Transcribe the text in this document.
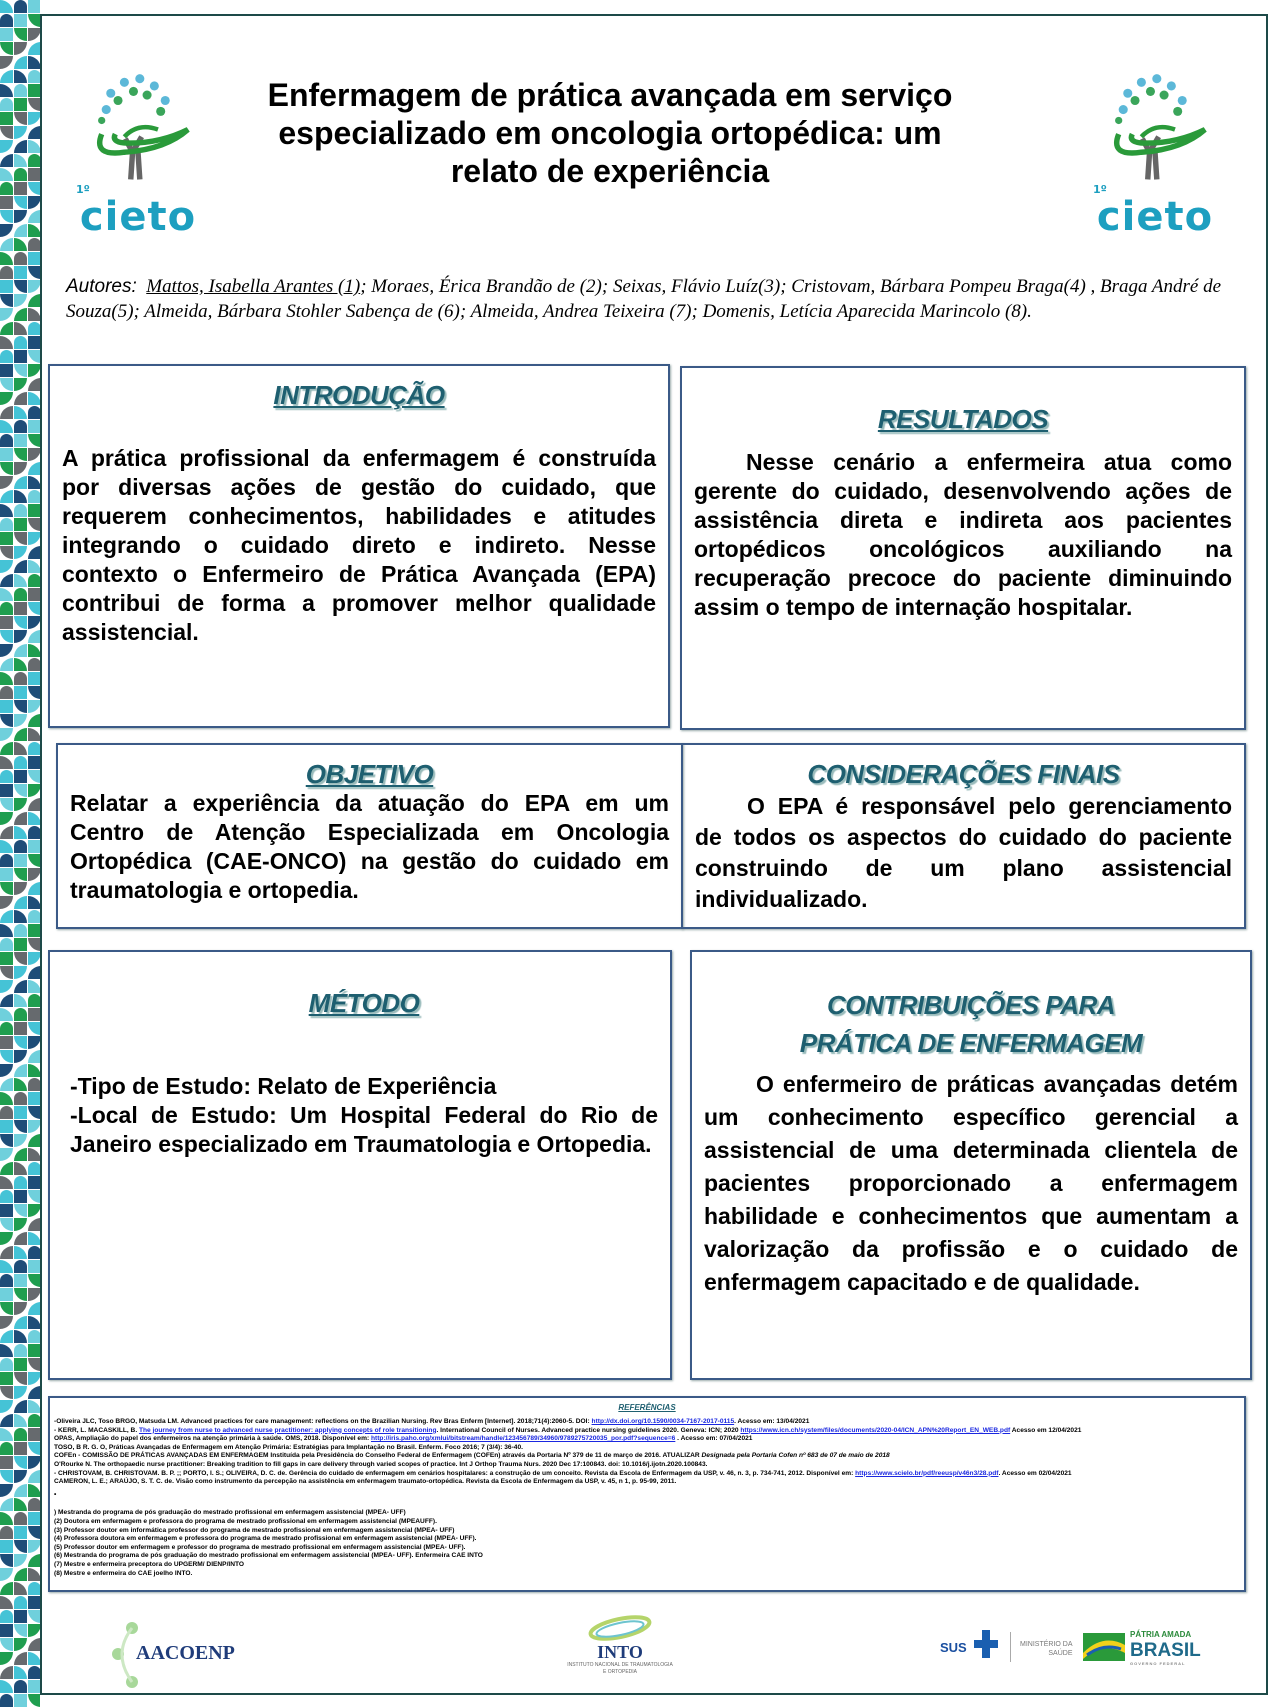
1º
cieto
1º
cieto
Enfermagem de prática avançada em serviço
especializado em oncologia ortopédica: um
relato de experiência
Autores: Mattos, Isabella Arantes (1); Moraes, Érica Brandão de (2); Seixas, Flávio Luíz(3); Cristovam, Bárbara Pompeu Braga(4) , Braga André de Souza(5); Almeida, Bárbara Stohler Sabença de (6); Almeida, Andrea Teixeira (7); Domenis, Letícia Aparecida Marincolo (8).
INTRODUÇÃO

A prática profissional da enfermagem é construída por diversas ações de gestão do cuidado, que requerem conhecimentos, habilidades e atitudes integrando o cuidado direto e indireto. Nesse contexto o Enfermeiro de Prática Avançada (EPA) contribui de forma a promover melhor qualidade assistencial.

RESULTADOS

Nesse cenário a enfermeira atua como gerente do cuidado, desenvolvendo ações de assistência direta e indireta aos pacientes ortopédicos oncológicos auxiliando na recuperação precoce do paciente diminuindo assim o tempo de internação hospitalar.

OBJETIVO

Relatar a experiência da atuação do EPA em um Centro de Atenção Especializada em Oncologia Ortopédica (CAE-ONCO) na gestão do cuidado em traumatologia e ortopedia.

CONSIDERAÇÕES FINAIS

O EPA é responsável pelo gerenciamento de todos os aspectos do cuidado do paciente construindo de um plano assistencial individualizado.

MÉTODO

-Tipo de Estudo: Relato de Experiência

-Local de Estudo: Um Hospital Federal do Rio de Janeiro especializado em Traumatologia e Ortopedia.

CONTRIBUIÇÕES PARA
PRÁTICA DE ENFERMAGEM

O enfermeiro de práticas avançadas detém um conhecimento específico gerencial a assistencial de uma determinada clientela de pacientes proporcionado a enfermagem habilidade e conhecimentos que aumentam a valorização da profissão e o cuidado de enfermagem capacitado e de qualidade.

REFERÊNCIAS
-Oliveira JLC, Toso BRGO, Matsuda LM. Advanced practices for care management: reflections on the Brazilian Nursing. Rev Bras Enferm [Internet]. 2018;71(4):2060-5. DOI: http://dx.doi.org/10.1590/0034-7167-2017-0115. Acesso em: 13/04/2021
- KERR, L. MACASKILL, B. The journey from nurse to advanced nurse practitioner: applying concepts of role transitioning. International Council of Nurses. Advanced practice nursing guidelines 2020. Geneva: ICN; 2020 https://www.icn.ch/system/files/documents/2020-04/ICN_APN%20Report_EN_WEB.pdf Acesso em 12/04/2021
OPAS, Ampliação do papel dos enfermeiros na atenção primária à saúde. OMS, 2018. Disponível em: http://iris.paho.org/xmlui/bitstream/handle/123456789/34960/9789275720035_por.pdf?sequence=6 . Acesso em: 07/04/2021
TOSO, B R. G. O, Práticas Avançadas de Enfermagem em Atenção Primária: Estratégias para Implantação no Brasil. Enferm. Foco 2016; 7 (3/4): 36-40.
COFEn - COMISSÃO DE PRÁTICAS AVANÇADAS EM ENFERMAGEM Instituída pela Presidência do Conselho Federal de Enfermagem (COFEn) através da Portaria Nº 379 de 11 de março de 2016. ATUALIZAR Designada pela Portaria Cofen nº 683 de 07 de maio de 2018
O'Rourke N. The orthopaedic nurse practitioner: Breaking tradition to fill gaps in care delivery through varied scopes of practice. Int J Orthop Trauma Nurs. 2020 Dec 17:100843. doi: 10.1016/j.ijotn.2020.100843.
- CHRISTOVAM, B. CHRISTOVAM. B. P. ;; PORTO, I. S.; OLIVEIRA, D. C. de. Gerência do cuidado de enfermagem em cenários hospitalares: a construção de um conceito. Revista da Escola de Enfermagem da USP, v. 46, n. 3, p. 734-741, 2012. Disponível em: https://www.scielo.br/pdf/reeusp/v46n3/28.pdf. Acesso em 02/04/2021
CAMERON, L. E.; ARAÚJO, S. T. C. de. Visão como instrumento da percepção na assistência em enfermagem traumato-ortopédica. Revista da Escola de Enfermagem da USP, v. 45, n 1, p. 95-99, 2011.
•
) Mestranda do programa de pós graduação do mestrado profissional em enfermagem assistencial (MPEA- UFF)
(2) Doutora em enfermagem e professora do programa de mestrado profissional em enfermagem assistencial (MPEAUFF).
(3) Professor doutor em informática professor do programa de mestrado profissional em enfermagem assistencial (MPEA- UFF)
(4) Professora doutora em enfermagem e professora do programa de mestrado profissional em enfermagem assistencial (MPEA- UFF).
(5) Professor doutor em enfermagem e professor do programa de mestrado profissional em enfermagem assistencial (MPEA- UFF).
(6) Mestranda do programa de pós graduação do mestrado profissional em enfermagem assistencial (MPEA- UFF). Enfermeira CAE INTO
(7) Mestre e enfermeira preceptora do UPGERM/ DIENP/INTO
(8) Mestre e enfermeira do CAE joelho INTO.
AACOENP	INTO
INSTITUTO NACIONAL DE TRAUMATOLOGIA E ORTOPEDIA
SUS	MINISTÉRIO DA
SAÚDE
PÁTRIA AMADA
BRASIL
GOVERNO FEDERAL
